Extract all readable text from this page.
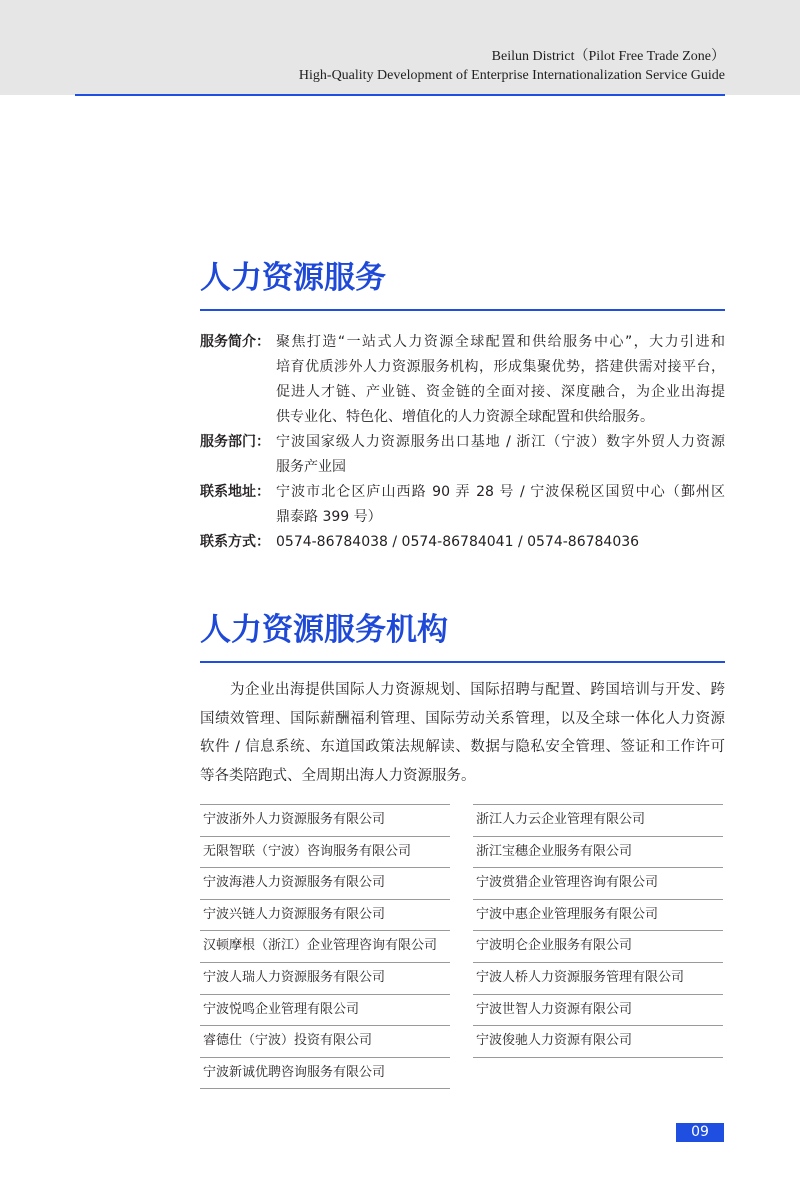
Beilun District（Pilot Free Trade Zone）
High-Quality Development of Enterprise Internationalization Service Guide
人力资源服务
服务简介： 聚焦打造“一站式人力资源全球配置和供给服务中心”，大力引进和
培育优质涉外人力资源服务机构，形成集聚优势，搭建供需对接平台，
促进人才链、产业链、资金链的全面对接、深度融合，为企业出海提
供专业化、特色化、增值化的人力资源全球配置和供给服务。
服务部门： 宁波国家级人力资源服务出口基地 / 浙江（宁波）数字外贸人力资源
服务产业园
联系地址： 宁波市北仑区庐山西路 90 弄 28 号 / 宁波保税区国贸中心（鄞州区
鼎泰路 399 号）
联系方式： 0574-86784038 / 0574-86784041 / 0574-86784036
人力资源服务机构
为企业出海提供国际人力资源规划、国际招聘与配置、跨国培训与开发、跨
国绩效管理、国际薪酬福利管理、国际劳动关系管理，以及全球一体化人力资源
软件 / 信息系统、东道国政策法规解读、数据与隐私安全管理、签证和工作许可
等各类陪跑式、全周期出海人力资源服务。
宁波浙外人力资源服务有限公司
无限智联（宁波）咨询服务有限公司
宁波海港人力资源服务有限公司
宁波兴链人力资源服务有限公司
汉顿摩根（浙江）企业管理咨询有限公司
宁波人瑞人力资源服务有限公司
宁波悦鸣企业管理有限公司
睿德仕（宁波）投资有限公司
宁波新诚优聘咨询服务有限公司
浙江人力云企业管理有限公司
浙江宝穗企业服务有限公司
宁波赏猎企业管理咨询有限公司
宁波中惠企业管理服务有限公司
宁波明仑企业服务有限公司
宁波人桥人力资源服务管理有限公司
宁波世智人力资源有限公司
宁波俊驰人力资源有限公司
09
